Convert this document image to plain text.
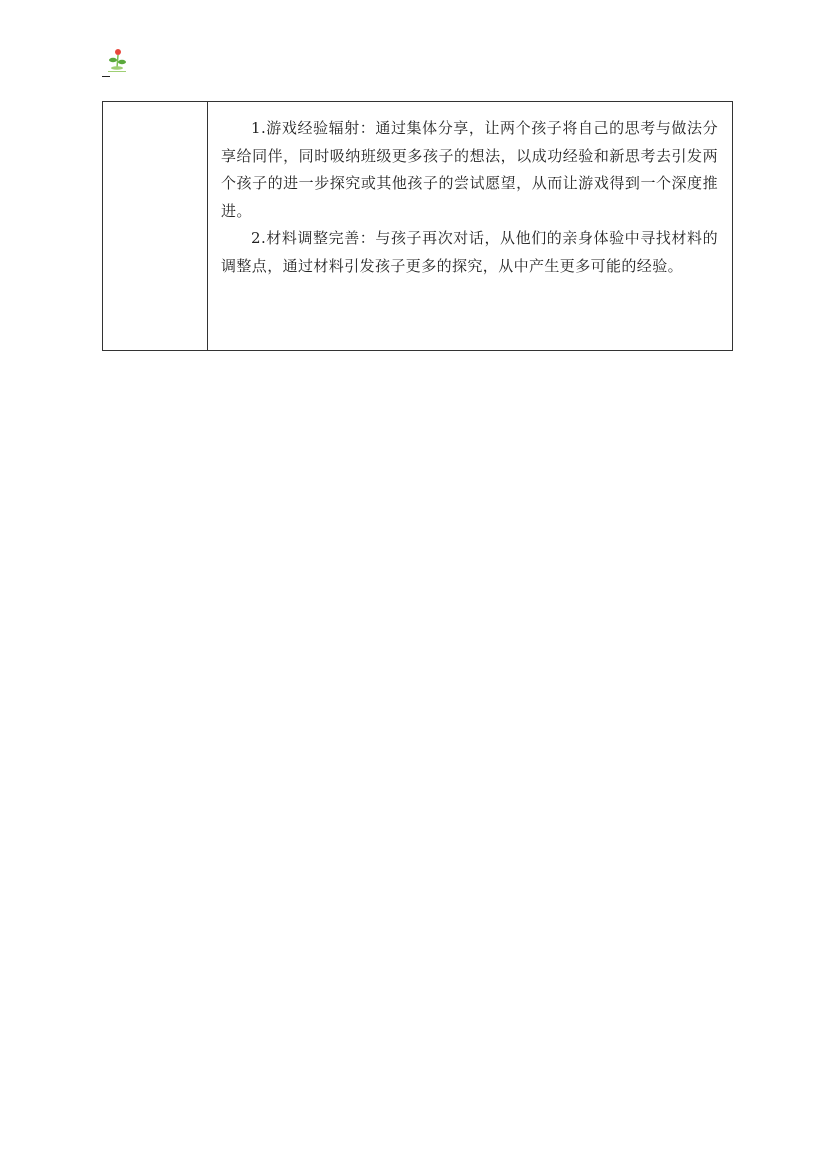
1.游戏经验辐射：通过集体分享，让两个孩子将自己的思考与做法分享给同伴，同时吸纳班级更多孩子的想法，以成功经验和新思考去引发两个孩子的进一步探究或其他孩子的尝试愿望，从而让游戏得到一个深度推进。

2.材料调整完善：与孩子再次对话，从他们的亲身体验中寻找材料的调整点，通过材料引发孩子更多的探究，从中产生更多可能的经验。
